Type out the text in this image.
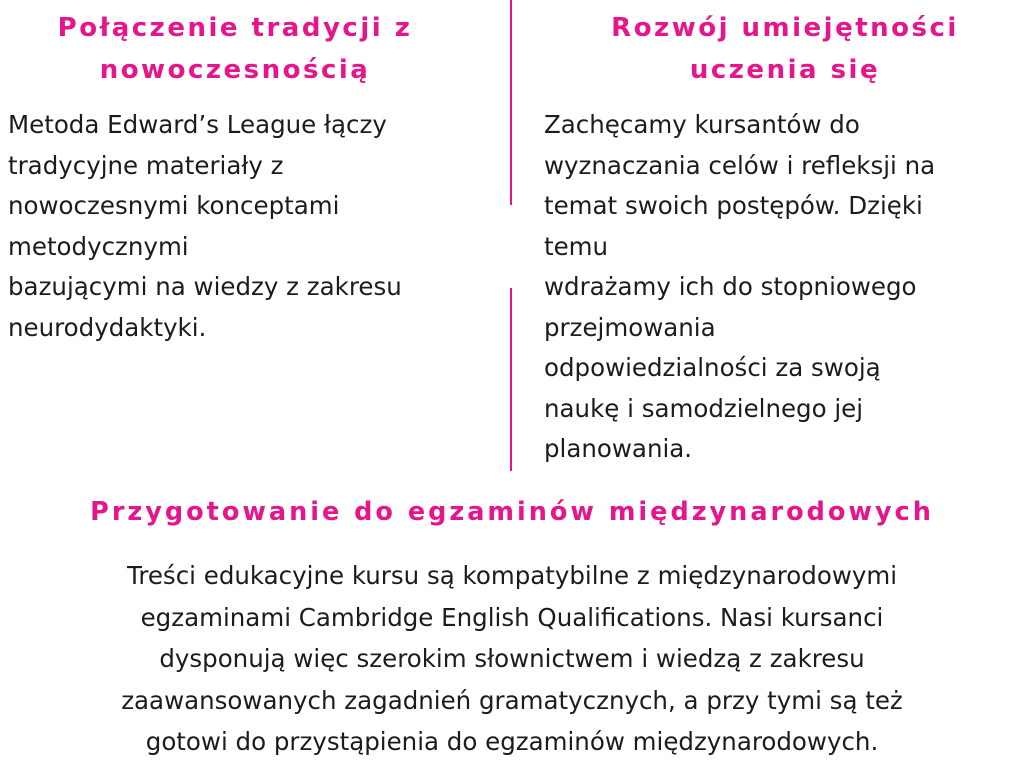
Połączenie tradycji z
nowoczesnością

Metoda Edward’s League łączy
tradycyjne materiały z
nowoczesnymi konceptami
metodycznymi
bazującymi na wiedzy z zakresu
neurodydaktyki.

Rozwój umiejętności
uczenia się

Zachęcamy kursantów do
wyznaczania celów i refleksji na
temat swoich postępów. Dzięki
temu
wdrażamy ich do stopniowego
przejmowania
odpowiedzialności za swoją
naukę i samodzielnego jej
planowania.

Przygotowanie do egzaminów międzynarodowych

Treści edukacyjne kursu są kompatybilne z międzynarodowymi
egzaminami Cambridge English Qualifications. Nasi kursanci
dysponują więc szerokim słownictwem i wiedzą z zakresu
zaawansowanych zagadnień gramatycznych, a przy tymi są też
gotowi do przystąpienia do egzaminów międzynarodowych.
